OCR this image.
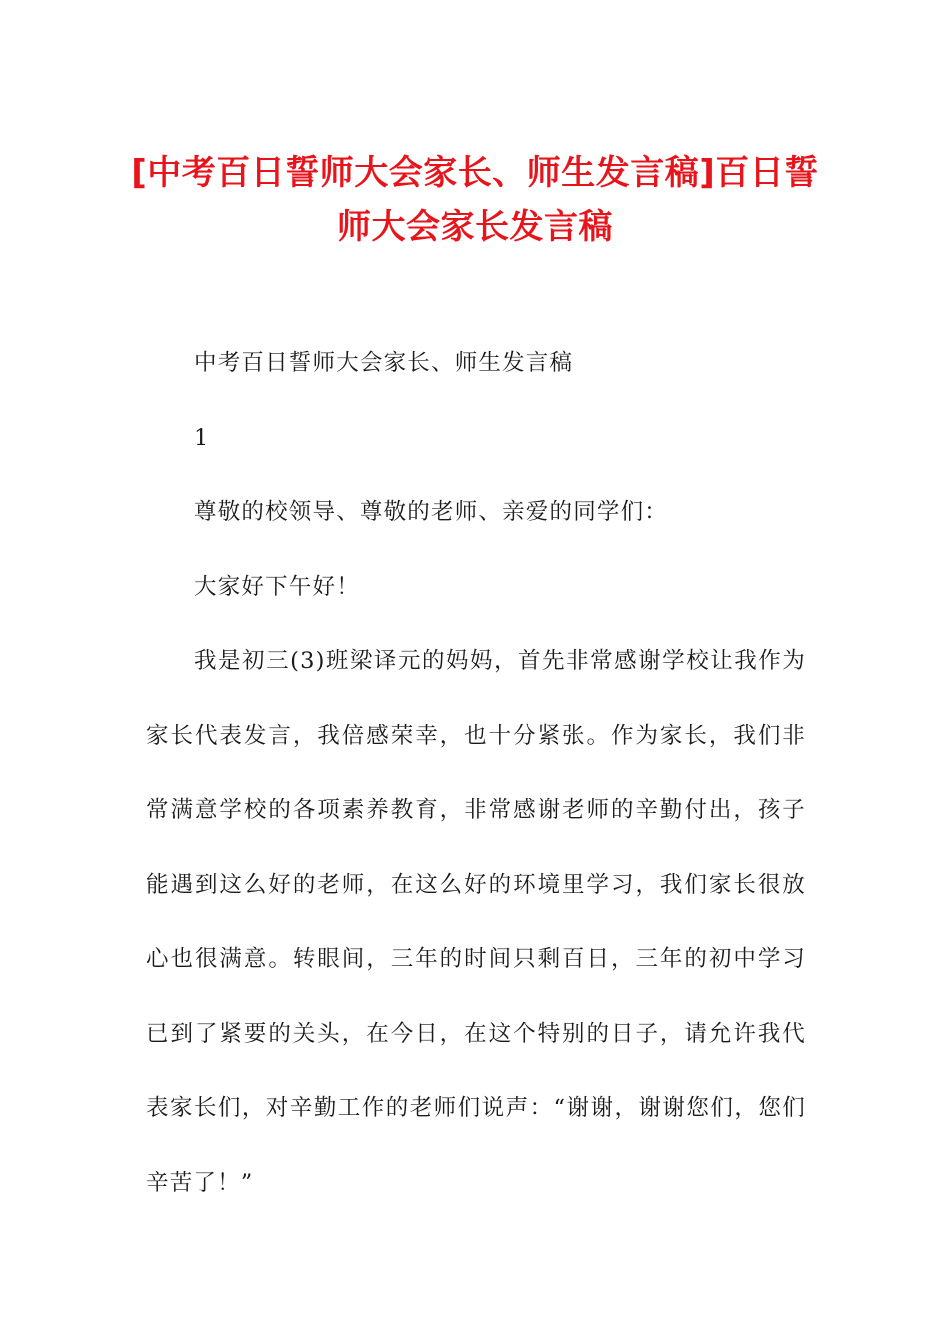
[中考百日誓师大会家长、师生发言稿]百日誓师大会家长发言稿

中考百日誓师大会家长、师生发言稿

1

尊敬的校领导、尊敬的老师、亲爱的同学们：

大家好下午好！

我是初三(3)班梁译元的妈妈，首先非常感谢学校让我作为家长代表发言，我倍感荣幸，也十分紧张。作为家长，我们非常满意学校的各项素养教育，非常感谢老师的辛勤付出，孩子能遇到这么好的老师，在这么好的环境里学习，我们家长很放心也很满意。转眼间，三年的时间只剩百日，三年的初中学习已到了紧要的关头，在今日，在这个特别的日子，请允许我代表家长们，对辛勤工作的老师们说声：“谢谢，谢谢您们，您们辛苦了！”
